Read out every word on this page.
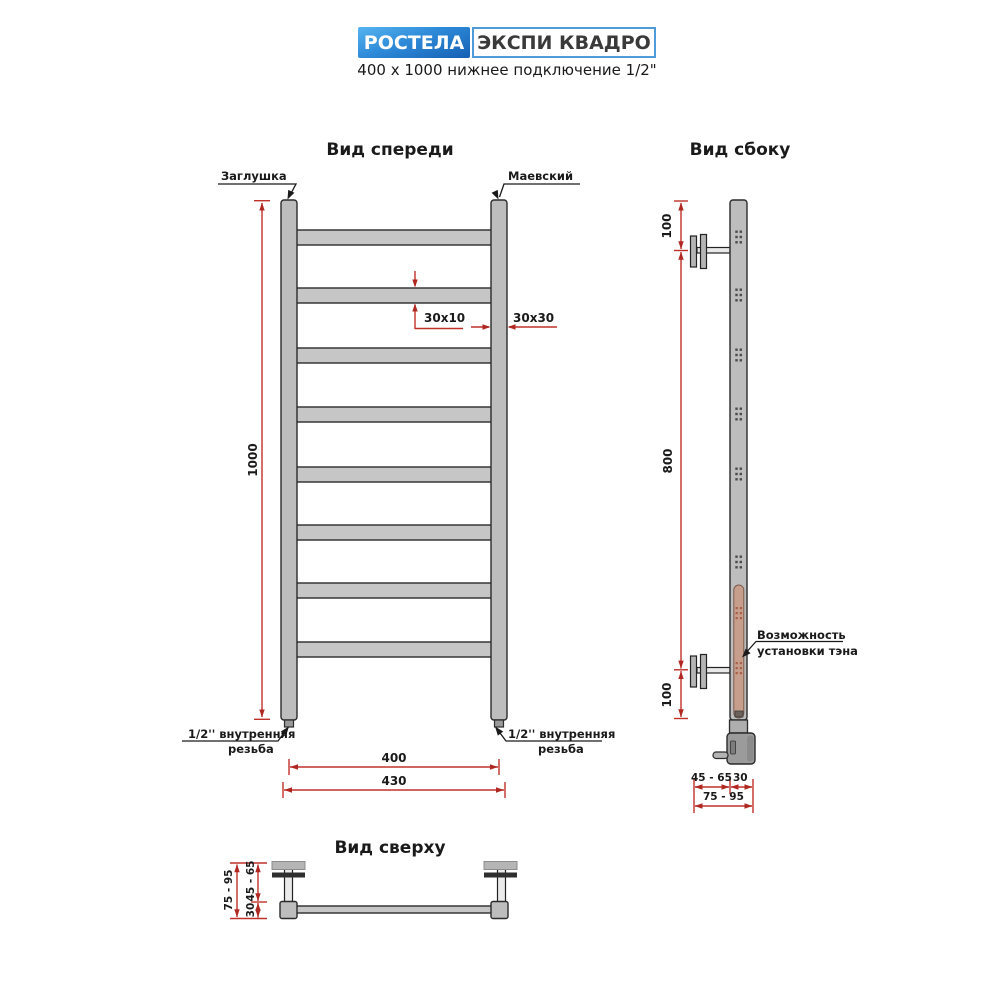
РОСТЕЛА ЭКСПИ КВАДРО
400 х 1000 нижнее подключение 1/2"
Вид спереди
Заглушка	Маевский
1000
30x10	30x30
1/2'' внутренняя
резьба
1/2'' внутренняя
резьба
400
430
Вид сбоку
100
800
100
Возможность
установки тэна
45 - 65 30
75 - 95
Вид сверху
75 - 95 45 - 65
30
